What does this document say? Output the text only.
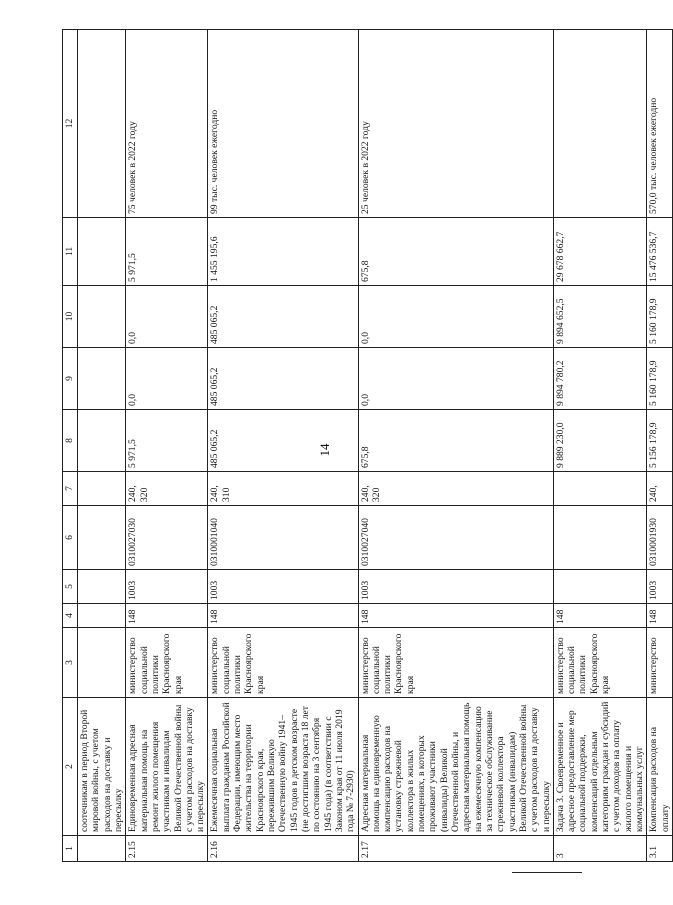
14
1	2	3	4	5	6	7	8	9	10	11	12
	соотечникам в период Второй мировой войны, с учетом расходов на доставку и пересылку										
2.15	Единовременная адресная материальная помощь на ремонт жилого помещения участникам и инвалидам Великой Отечественной войны с учетом расходов на доставку и пересылку	министерство социальной политики Красноярского края	148	1003	0310027030	240, 320	5 971,5	0,0	0,0	5 971,5	75 человек в 2022 году
2.16	Ежемесячная социальная выплата гражданам Российской Федерации, имеющим место жительства на территории Красноярского края, пережившим Великую Отечественную войну 1941–1945 годов в детском возрасте (не достигшим возраста 18 лет по состоянию на 3 сентября 1945 года) (в соответствии с Законом края от 11 июля 2019 года № 7-2930)	министерство социальной политики Красноярского края	148	1003	0310001040	240, 310	485 065,2	485 065,2	485 065,2	1 455 195,6	99 тыс. человек ежегодно
2.17	Адресная материальная помощь на единовременную компенсацию расходов на установку стрежневой коллектора в жилых помещениях, в которых проживают участники (инвалиды) Великой Отечественной войны, и адресная материальная помощь на ежемесячную компенсацию за техническое обслуживание стрежневой коллектора участникам (инвалидам) Великой Отечественной войны с учетом расходов на доставку и пересылку	министерство социальной политики Красноярского края	148	1003	0310027040	240, 320	675,8	0,0	0,0	675,8	25 человек в 2022 году
3	Задача 3. Своевременное и адресное предоставление мер социальной поддержки, компенсаций отдельным категориям граждан и субсидий с учетом доходов на оплату жилого помещения и коммунальных услуг	министерство социальной политики Красноярского края	148				9 889 230,0	9 894 780,2	9 894 652,5	29 678 662,7	
3.1	Компенсация расходов на оплату	министерство	148	1003	0310001930	240,	5 156 178,9	5 160 178,9	5 160 178,9	15 476 536,7	570,0 тыс. человек ежегодно
